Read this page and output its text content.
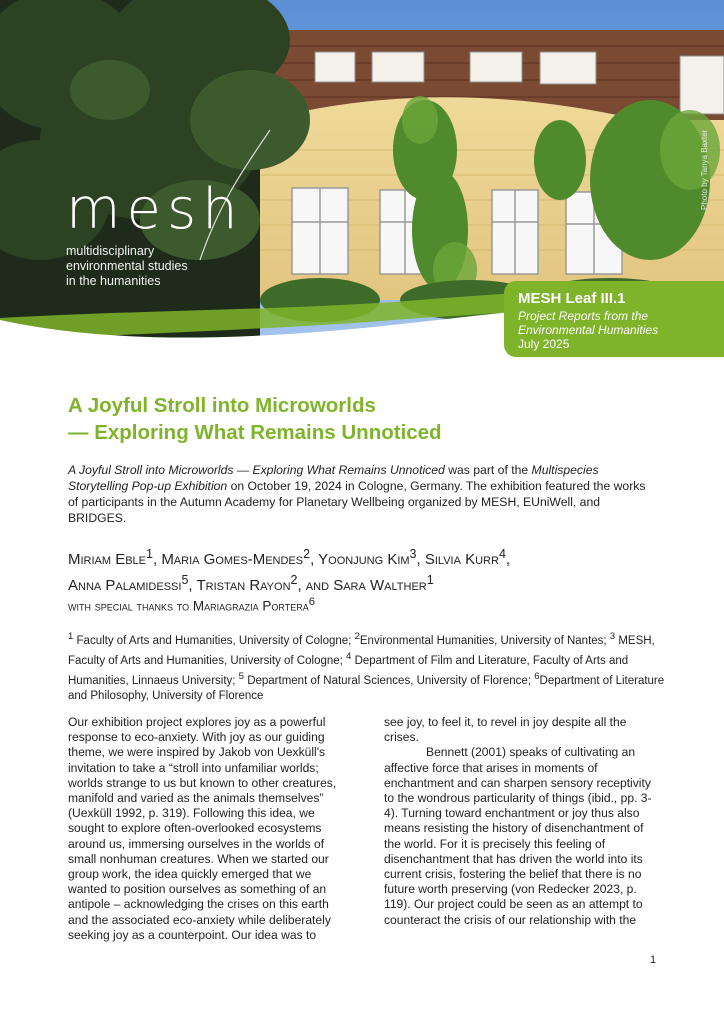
mesh
multidisciplinary
environmental studies
in the humanities
Photo by Tanya Baxter
MESH Leaf III.1
Project Reports from the
Environmental Humanities
July 2025
A Joyful Stroll into Microworlds
— Exploring What Remains Unnoticed
A Joyful Stroll into Microworlds — Exploring What Remains Unnoticed was part of the Multispecies Storytelling Pop-up Exhibition on October 19, 2024 in Cologne, Germany. The exhibition featured the works of participants in the Autumn Academy for Planetary Wellbeing organized by MESH, EUniWell, and BRIDGES.
Miriam Eble$^1$, Maria Gomes-Mendes$^2$, Yoonjung Kim$^3$, Silvia Kurr$^4$,
Anna Palamidessi$^5$, Tristan Rayon$^2$, and Sara Walther$^1$
with special thanks to Mariagrazia Portera$^6$
$^1$ Faculty of Arts and Humanities, University of Cologne; $^2$Environmental Humanities, University of Nantes; $^3$ MESH, Faculty of Arts and Humanities, University of Cologne; $^4$ Department of Film and Literature, Faculty of Arts and Humanities, Linnaeus University; $^5$ Department of Natural Sciences, University of Florence; $^6$Department of Literature and Philosophy, University of Florence

Our exhibition project explores joy as a powerful response to eco-anxiety. With joy as our guiding theme, we were inspired by Jakob von Uexküll's invitation to take a “stroll into unfamiliar worlds; worlds strange to us but known to other creatures, manifold and varied as the animals themselves” (Uexküll 1992, p. 319). Following this idea, we sought to explore often-overlooked ecosystems around us, immersing ourselves in the worlds of small nonhuman creatures. When we started our group work, the idea quickly emerged that we wanted to position ourselves as something of an antipole – acknowledging the crises on this earth and the associated eco-anxiety while deliberately seeking joy as a counterpoint. Our idea was to

see joy, to feel it, to revel in joy despite all the crises.

Bennett (2001) speaks of cultivating an affective force that arises in moments of enchantment and can sharpen sensory receptivity to the wondrous particularity of things (ibid., pp. 3-4). Turning toward enchantment or joy thus also means resisting the history of disenchantment of the world. For it is precisely this feeling of disenchantment that has driven the world into its current crisis, fostering the belief that there is no future worth preserving (von Redecker 2023, p. 119). Our project could be seen as an attempt to counteract the crisis of our relationship with the

1
